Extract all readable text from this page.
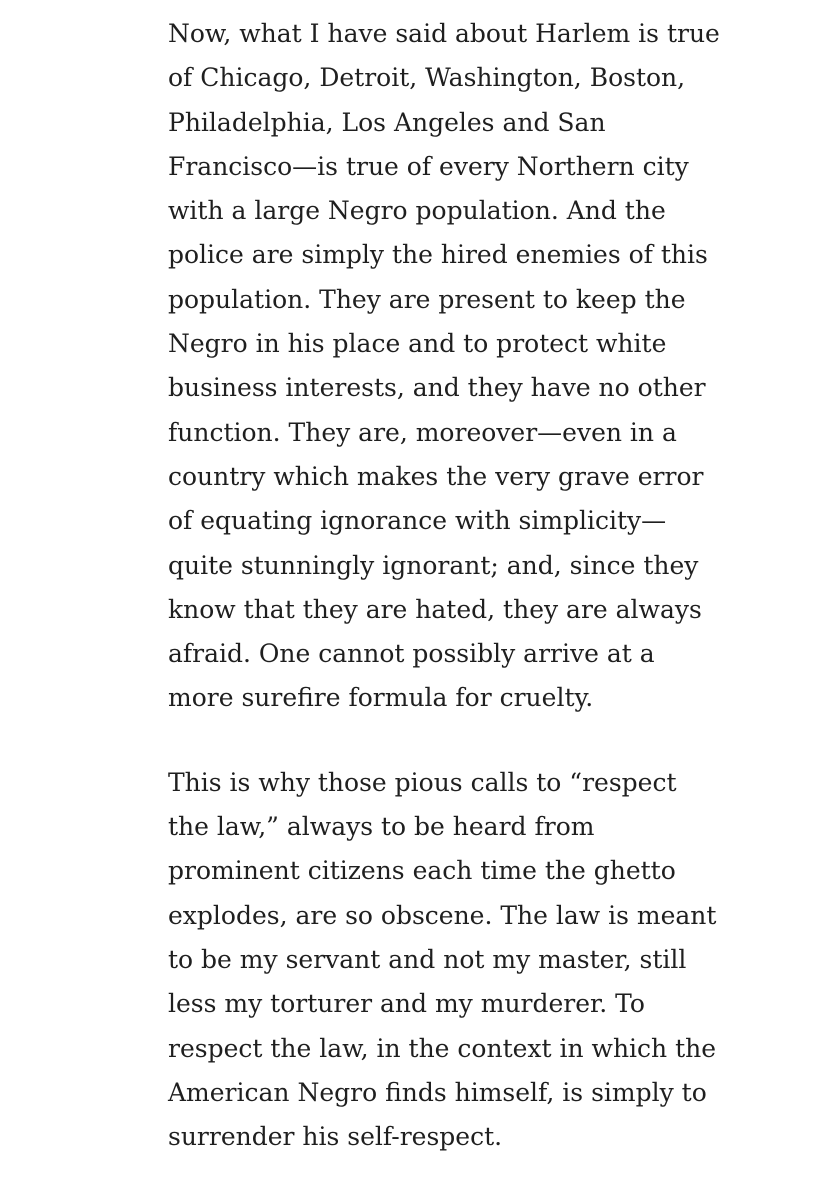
Now, what I have said about Harlem is true
of Chicago, Detroit, Washington, Boston,
Philadelphia, Los Angeles and San
Francisco—is true of every Northern city
with a large Negro population. And the
police are simply the hired enemies of this
population. They are present to keep the
Negro in his place and to protect white
business interests, and they have no other
function. They are, moreover—even in a
country which makes the very grave error
of equating ignorance with simplicity—
quite stunningly ignorant; and, since they
know that they are hated, they are always
afraid. One cannot possibly arrive at a
more surefire formula for cruelty.

This is why those pious calls to “respect
the law,” always to be heard from
prominent citizens each time the ghetto
explodes, are so obscene. The law is meant
to be my servant and not my master, still
less my torturer and my murderer. To
respect the law, in the context in which the
American Negro finds himself, is simply to
surrender his self-respect.
